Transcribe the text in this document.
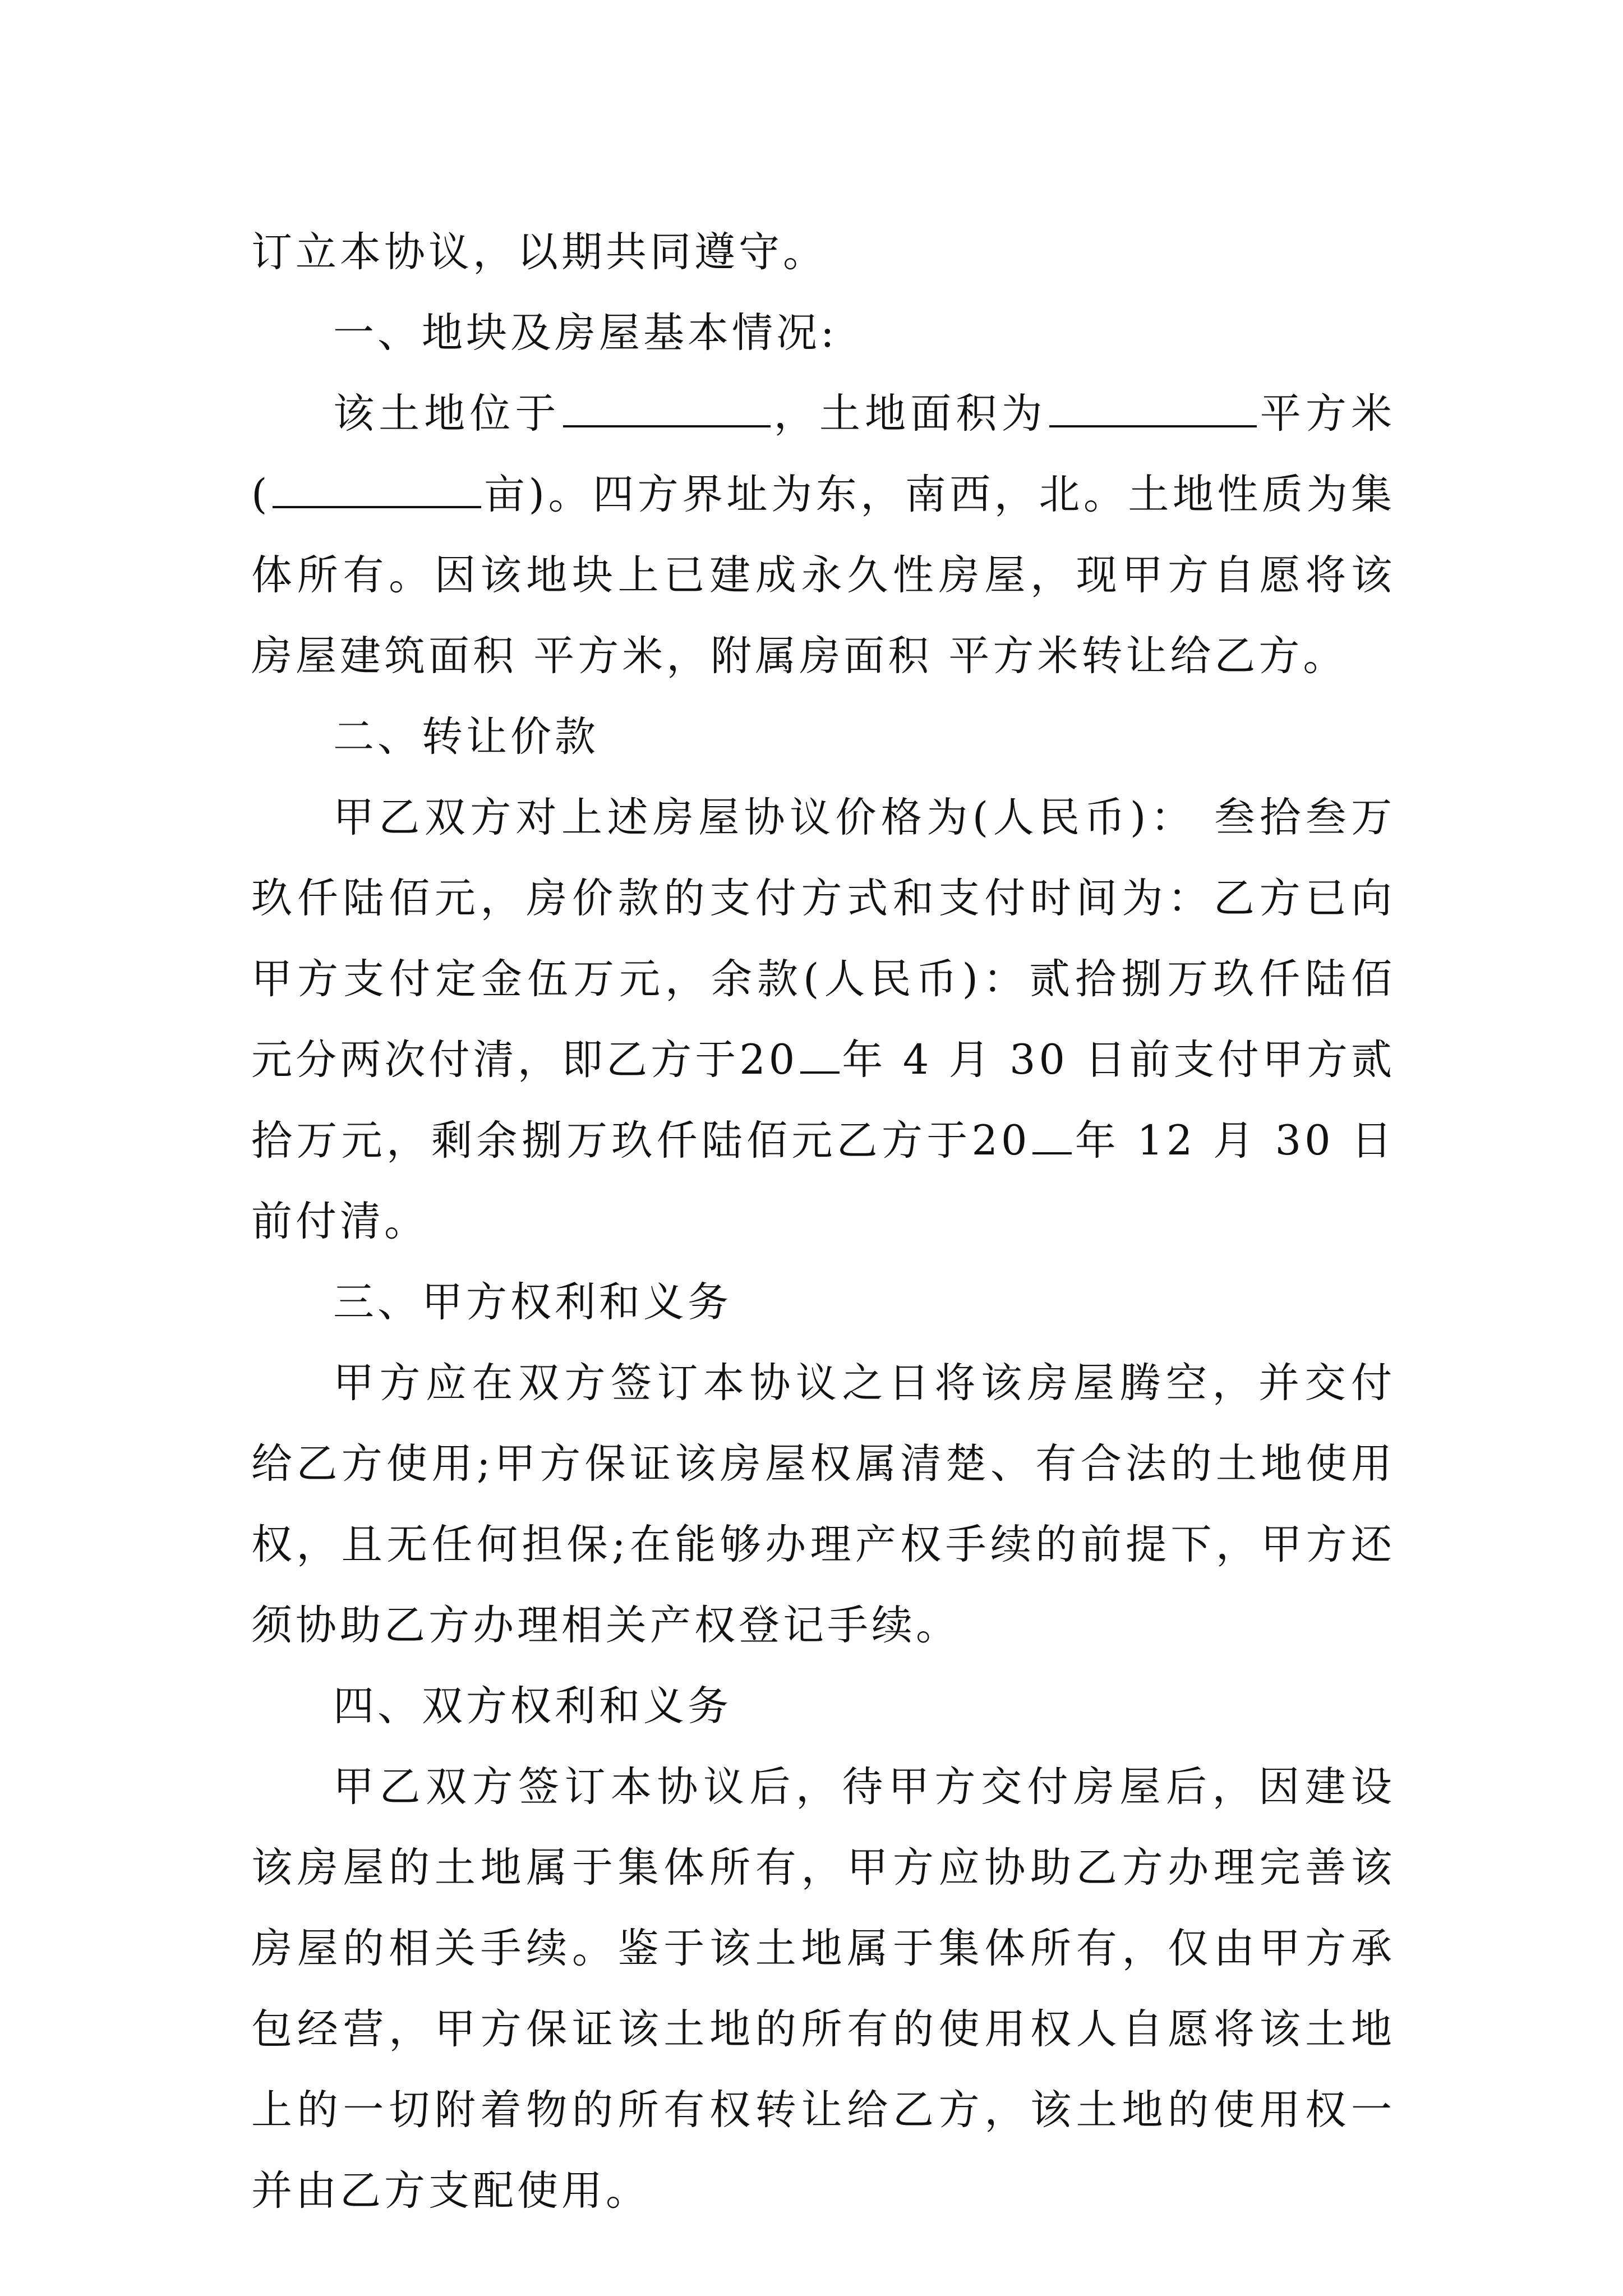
订立本协议，以期共同遵守。

一、地块及房屋基本情况:

该土地位于	，土地面积为	平方米(	亩)。四方界址为东，南西，北。土地性质为集体所有。因该地块上已建成永久性房屋，现甲方自愿将该房屋建筑面积 平方米，附属房面积 平方米转让给乙方。

二、转让价款

甲乙双方对上述房屋协议价格为(人民币)： 叁拾叁万玖仟陆佰元，房价款的支付方式和支付时间为：乙方已向甲方支付定金伍万元，余款(人民币)：贰拾捌万玖仟陆佰元分两次付清，即乙方于20 年 4 月 30 日前支付甲方贰拾万元，剩余捌万玖仟陆佰元乙方于20 年 12 月 30 日前付清。

三、甲方权利和义务

甲方应在双方签订本协议之日将该房屋腾空，并交付给乙方使用;甲方保证该房屋权属清楚、有合法的土地使用权，且无任何担保;在能够办理产权手续的前提下，甲方还须协助乙方办理相关产权登记手续。

四、双方权利和义务

甲乙双方签订本协议后，待甲方交付房屋后，因建设该房屋的土地属于集体所有，甲方应协助乙方办理完善该房屋的相关手续。鉴于该土地属于集体所有，仅由甲方承包经营，甲方保证该土地的所有的使用权人自愿将该土地上的一切附着物的所有权转让给乙方，该土地的使用权一并由乙方支配使用。
